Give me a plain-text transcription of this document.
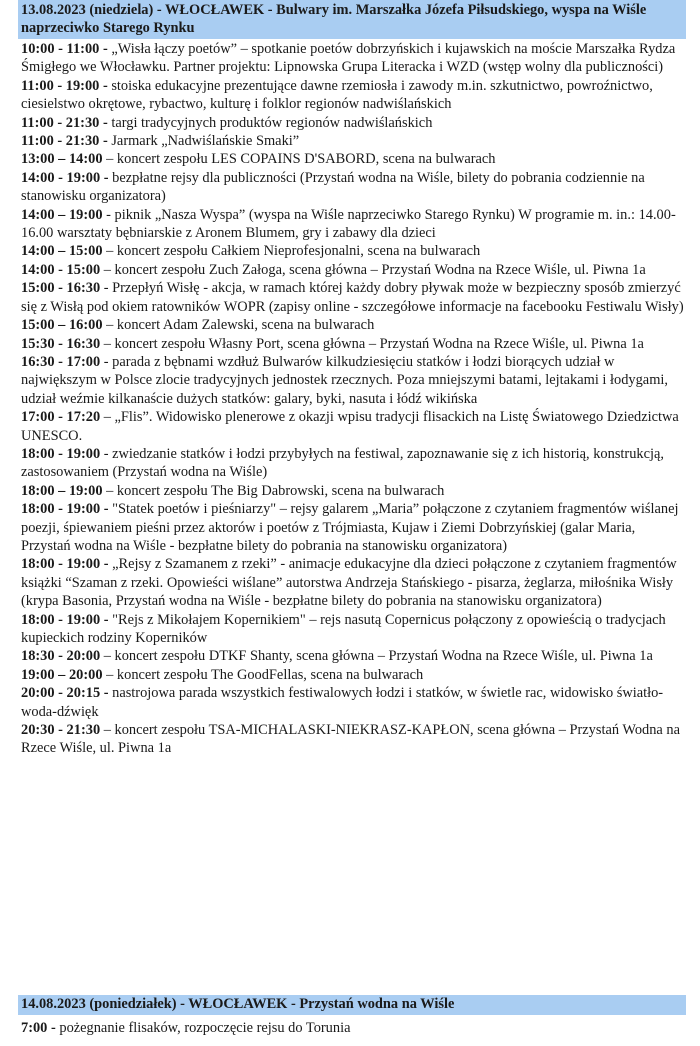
13.08.2023 (niedziela) - WŁOCŁAWEK - Bulwary im. Marszałka Józefa Piłsudskiego, wyspa na Wiśle naprzeciwko Starego Rynku

10:00 - 11:00 - „Wisła łączy poetów” – spotkanie poetów dobrzyńskich i kujawskich na moście Marszałka Rydza Śmigłego we Włocławku. Partner projektu: Lipnowska Grupa Literacka i WZD (wstęp wolny dla publiczności)

11:00 - 19:00 - stoiska edukacyjne prezentujące dawne rzemiosła i zawody m.in. szkutnictwo, powroźnictwo, ciesielstwo okrętowe, rybactwo, kulturę i folklor regionów nadwiślańskich

11:00 - 21:30 - targi tradycyjnych produktów regionów nadwiślańskich

11:00 - 21:30 - Jarmark „Nadwiślańskie Smaki”

13:00 – 14:00 – koncert zespołu LES COPAINS D'SABORD, scena na bulwarach

14:00 - 19:00 - bezpłatne rejsy dla publiczności (Przystań wodna na Wiśle, bilety do pobrania codziennie na stanowisku organizatora)

14:00 – 19:00 - piknik „Nasza Wyspa” (wyspa na Wiśle naprzeciwko Starego Rynku) W programie m. in.: 14.00-16.00 warsztaty bębniarskie z Aronem Blumem, gry i zabawy dla dzieci

14:00 – 15:00 – koncert zespołu Całkiem Nieprofesjonalni, scena na bulwarach

14:00 - 15:00 – koncert zespołu Zuch Załoga, scena główna – Przystań Wodna na Rzece Wiśle, ul. Piwna 1a

15:00 - 16:30 - Przepłyń Wisłę - akcja, w ramach której każdy dobry pływak może w bezpieczny sposób zmierzyć się z Wisłą pod okiem ratowników WOPR (zapisy online - szczegółowe informacje na facebooku Festiwalu Wisły)

15:00 – 16:00 – koncert Adam Zalewski, scena na bulwarach

15:30 - 16:30 – koncert zespołu Własny Port, scena główna – Przystań Wodna na Rzece Wiśle, ul. Piwna 1a

16:30 - 17:00 - parada z bębnami wzdłuż Bulwarów kilkudziesięciu statków i łodzi biorących udział w największym w Polsce zlocie tradycyjnych jednostek rzecznych. Poza mniejszymi batami, lejtakami i łodygami, udział weźmie kilkanaście dużych statków: galary, byki, nasuta i łódź wikińska

17:00 - 17:20 – „Flis”. Widowisko plenerowe z okazji wpisu tradycji flisackich na Listę Światowego Dziedzictwa UNESCO.

18:00 - 19:00 - zwiedzanie statków i łodzi przybyłych na festiwal, zapoznawanie się z ich historią, konstrukcją, zastosowaniem (Przystań wodna na Wiśle)

18:00 – 19:00 – koncert zespołu The Big Dabrowski, scena na bulwarach

18:00 - 19:00 - "Statek poetów i pieśniarzy" – rejsy galarem „Maria” połączone z czytaniem fragmentów wiślanej poezji, śpiewaniem pieśni przez aktorów i poetów z Trójmiasta, Kujaw i Ziemi Dobrzyńskiej (galar Maria, Przystań wodna na Wiśle - bezpłatne bilety do pobrania na stanowisku organizatora)

18:00 - 19:00 - „Rejsy z Szamanem z rzeki” - animacje edukacyjne dla dzieci połączone z czytaniem fragmentów książki “Szaman z rzeki. Opowieści wiślane” autorstwa Andrzeja Stańskiego - pisarza, żeglarza, miłośnika Wisły (krypa Basonia, Przystań wodna na Wiśle - bezpłatne bilety do pobrania na stanowisku organizatora)

18:00 - 19:00 - "Rejs z Mikołajem Kopernikiem" – rejs nasutą Copernicus połączony z opowieścią o tradycjach kupieckich rodziny Koperników

18:30 - 20:00 – koncert zespołu DTKF Shanty, scena główna – Przystań Wodna na Rzece Wiśle, ul. Piwna 1a

19:00 – 20:00 – koncert zespołu The GoodFellas, scena na bulwarach

20:00 - 20:15 - nastrojowa parada wszystkich festiwalowych łodzi i statków, w świetle rac, widowisko światło-woda-dźwięk

20:30 - 21:30 – koncert zespołu TSA-MICHALASKI-NIEKRASZ-KAPŁON, scena główna – Przystań Wodna na Rzece Wiśle, ul. Piwna 1a

14.08.2023 (poniedziałek) - WŁOCŁAWEK - Przystań wodna na Wiśle

7:00 - pożegnanie flisaków, rozpoczęcie rejsu do Torunia
